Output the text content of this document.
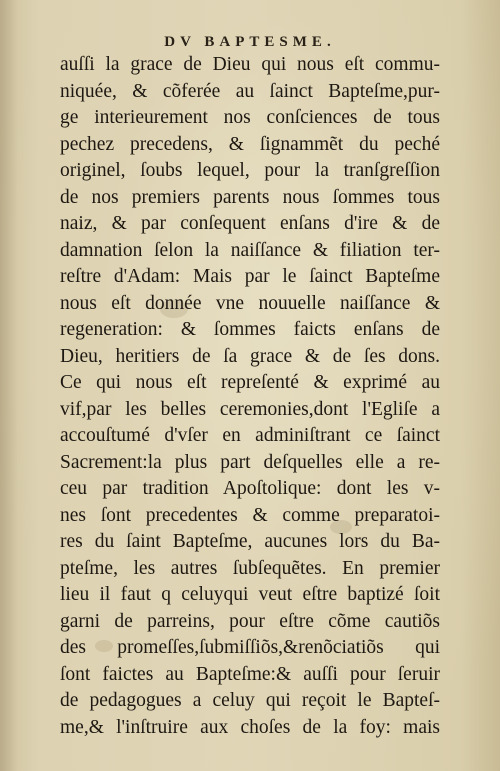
DV BAPTESME.
auſſi la grace de Dieu qui nous eſt commu-
niquée, & cõferée au ſainct Bapteſme,pur-
ge interieurement nos conſciences de tous
pechez precedens, & ſignammẽt du peché
originel, ſoubs lequel, pour la tranſgreſſion
de nos premiers parents nous ſommes tous
naiz, & par conſequent enſans d'ire & de
damnation ſelon la naiſſance & filiation ter-
reſtre d'Adam: Mais par le ſainct Bapteſme
nous eſt donnée vne nouuelle naiſſance &
regeneration: & ſommes faicts enſans de
Dieu, heritiers de ſa grace & de ſes dons.
Ce qui nous eſt repreſenté & exprimé au
vif,par les belles ceremonies,dont l'Egliſe a
accouſtumé d'vſer en adminiſtrant ce ſainct
Sacrement:la plus part deſquelles elle a re-
ceu par tradition Apoſtolique: dont les v-
nes ſont precedentes & comme preparatoi-
res du ſaint Bapteſme, aucunes lors du Ba-
pteſme, les autres ſubſequẽtes. En premier
lieu il faut q celuyqui veut eſtre baptizé ſoit
garni de parreins, pour eſtre cõme cautiõs
des promeſſes,ſubmiſſiõs,&renõciatiõs qui
ſont faictes au Bapteſme:& auſſi pour ſeruir
de pedagogues a celuy qui reçoit le Bapteſ-
me,& l'inſtruire aux choſes de la foy: mais
